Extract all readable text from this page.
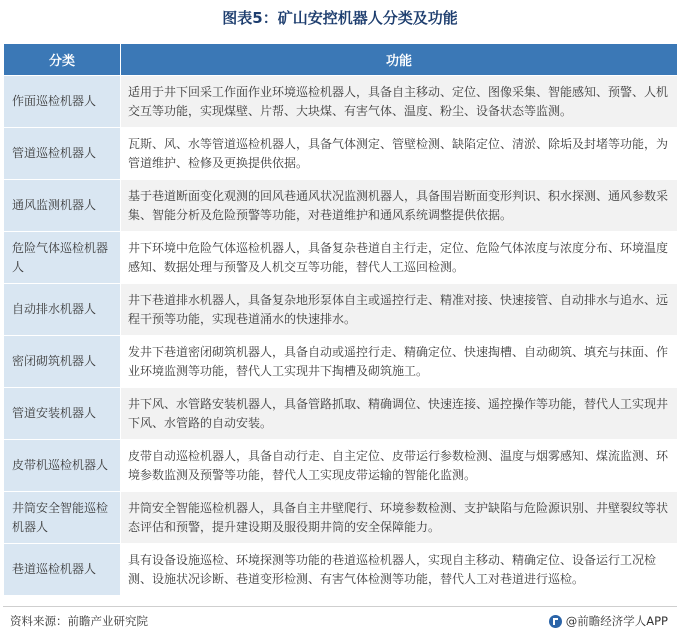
图表5：矿山安控机器人分类及功能
分类	功能
作面巡检机器人	适用于井下回采工作面作业环境巡检机器人，具备自主移动、定位、图像采集、智能感知、预警、人机交互等功能，实现煤壁、片帮、大块煤、有害气体、温度、粉尘、设备状态等监测。
管道巡检机器人	瓦斯、风、水等管道巡检机器人，具备气体测定、管壁检测、缺陷定位、清淤、除垢及封堵等功能，为管道维护、检修及更换提供依据。
通风监测机器人	基于巷道断面变化观测的回风巷通风状况监测机器人，具备围岩断面变形判识、积水探测、通风参数采集、智能分析及危险预警等功能，对巷道维护和通风系统调整提供依据。
危险气体巡检机器人	井下环境中危险气体巡检机器人，具备复杂巷道自主行走，定位、危险气体浓度与浓度分布、环境温度感知、数据处理与预警及人机交互等功能，替代人工巡回检测。
自动排水机器人	井下巷道排水机器人，具备复杂地形泵体自主或遥控行走、精准对接、快速接管、自动排水与追水、远程干预等功能，实现巷道涌水的快速排水。
密闭砌筑机器人	发井下巷道密闭砌筑机器人，具备自动或遥控行走、精确定位、快速掏槽、自动砌筑、填充与抹面、作业环境监测等功能，替代人工实现井下掏槽及砌筑施工。
管道安装机器人	井下风、水管路安装机器人，具备管路抓取、精确调位、快速连接、遥控操作等功能，替代人工实现井下风、水管路的自动安装。
皮带机巡检机器人	皮带自动巡检机器人，具备自动行走、自主定位、皮带运行参数检测、温度与烟雾感知、煤流监测、环境参数监测及预警等功能，替代人工实现皮带运输的智能化监测。
井筒安全智能巡检机器人	井筒安全智能巡检机器人，具备自主井壁爬行、环境参数检测、支护缺陷与危险源识别、井壁裂纹等状态评估和预警，提升建设期及服役期井筒的安全保障能力。
巷道巡检机器人	具有设备设施巡检、环境探测等功能的巷道巡检机器人，实现自主移动、精确定位、设备运行工况检测、设施状况诊断、巷道变形检测、有害气体检测等功能，替代人工对巷道进行巡检。
资料来源：前瞻产业研究院	@前瞻经济学人APP
